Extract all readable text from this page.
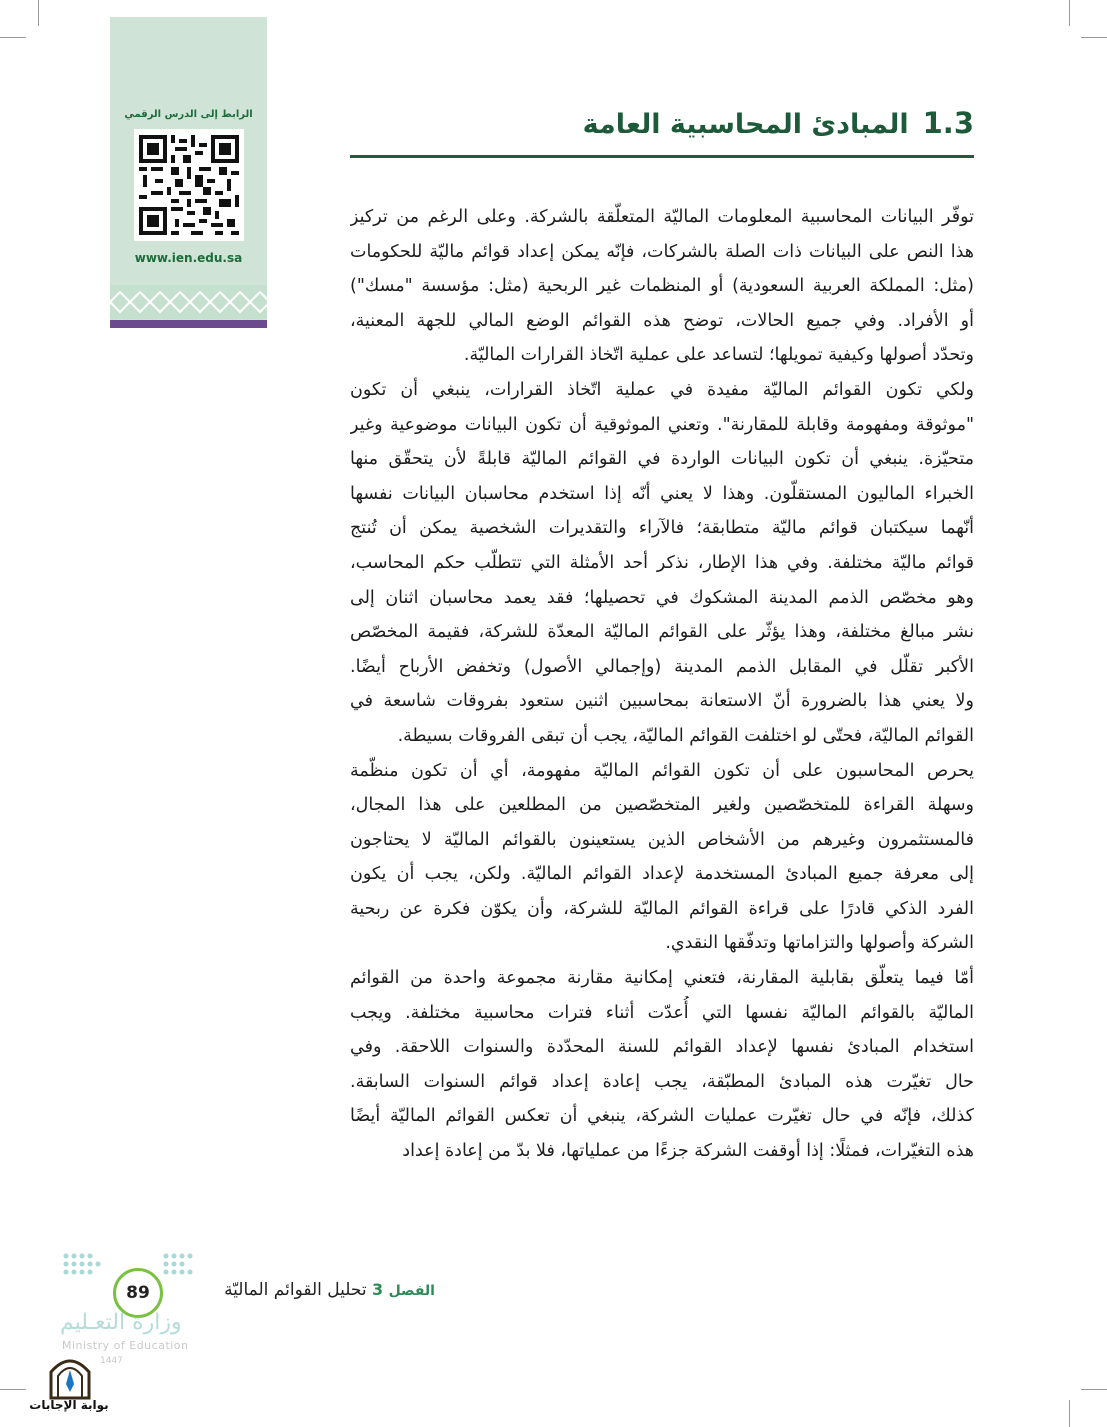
الرابط إلى الدرس الرقمي
www.ien.edu.sa
1.3المبادئ المحاسبية العامة
توفّر البيانات المحاسبية المعلومات الماليّة المتعلّقة بالشركة. وعلى الرغم من تركيز
هذا النص على البيانات ذات الصلة بالشركات، فإنّه يمكن إعداد قوائم ماليّة للحكومات
(مثل: المملكة العربية السعودية) أو المنظمات غير الربحية (مثل: مؤسسة "مسك")
أو الأفراد. وفي جميع الحالات، توضح هذه القوائم الوضع المالي للجهة المعنية،
وتحدّد أصولها وكيفية تمويلها؛ لتساعد على عملية اتّخاذ القرارات الماليّة.
ولكي تكون القوائم الماليّة مفيدة في عملية اتّخاذ القرارات، ينبغي أن تكون
"موثوقة ومفهومة وقابلة للمقارنة". وتعني الموثوقية أن تكون البيانات موضوعية وغير
متحيّزة. ينبغي أن تكون البيانات الواردة في القوائم الماليّة قابلةً لأن يتحقّق منها
الخبراء الماليون المستقلّون. وهذا لا يعني أنّه إذا استخدم محاسبان البيانات نفسها
أنّهما سيكتبان قوائم ماليّة متطابقة؛ فالآراء والتقديرات الشخصية يمكن أن تُنتج
قوائم ماليّة مختلفة. وفي هذا الإطار، نذكر أحد الأمثلة التي تتطلّب حكم المحاسب،
وهو مخصّص الذمم المدينة المشكوك في تحصيلها؛ فقد يعمد محاسبان اثنان إلى
نشر مبالغ مختلفة، وهذا يؤثّر على القوائم الماليّة المعدّة للشركة، فقيمة المخصّص
الأكبر تقلّل في المقابل الذمم المدينة (وإجمالي الأصول) وتخفض الأرباح أيضًا.
ولا يعني هذا بالضرورة أنّ الاستعانة بمحاسبين اثنين ستعود بفروقات شاسعة في
القوائم الماليّة، فحتّى لو اختلفت القوائم الماليّة، يجب أن تبقى الفروقات بسيطة.
يحرص المحاسبون على أن تكون القوائم الماليّة مفهومة، أي أن تكون منظّمة
وسهلة القراءة للمتخصّصين ولغير المتخصّصين من المطلعين على هذا المجال،
فالمستثمرون وغيرهم من الأشخاص الذين يستعينون بالقوائم الماليّة لا يحتاجون
إلى معرفة جميع المبادئ المستخدمة لإعداد القوائم الماليّة. ولكن، يجب أن يكون
الفرد الذكي قادرًا على قراءة القوائم الماليّة للشركة، وأن يكوّن فكرة عن ربحية
الشركة وأصولها والتزاماتها وتدفّقها النقدي.
أمّا فيما يتعلّق بقابلية المقارنة، فتعني إمكانية مقارنة مجموعة واحدة من القوائم
الماليّة بالقوائم الماليّة نفسها التي أُعدّت أثناء فترات محاسبية مختلفة. ويجب
استخدام المبادئ نفسها لإعداد القوائم للسنة المحدّدة والسنوات اللاحقة. وفي
حال تغيّرت هذه المبادئ المطبّقة، يجب إعادة إعداد قوائم السنوات السابقة.
كذلك، فإنّه في حال تغيّرت عمليات الشركة، ينبغي أن تعكس القوائم الماليّة أيضًا
هذه التغيّرات، فمثلًا: إذا أوقفت الشركة جزءًا من عملياتها، فلا بدّ من إعادة إعداد
89	الفصل 3 تحليل القوائم الماليّة
وزارة التعـليم
Ministry of Education
1447
بوابة الإجابات
